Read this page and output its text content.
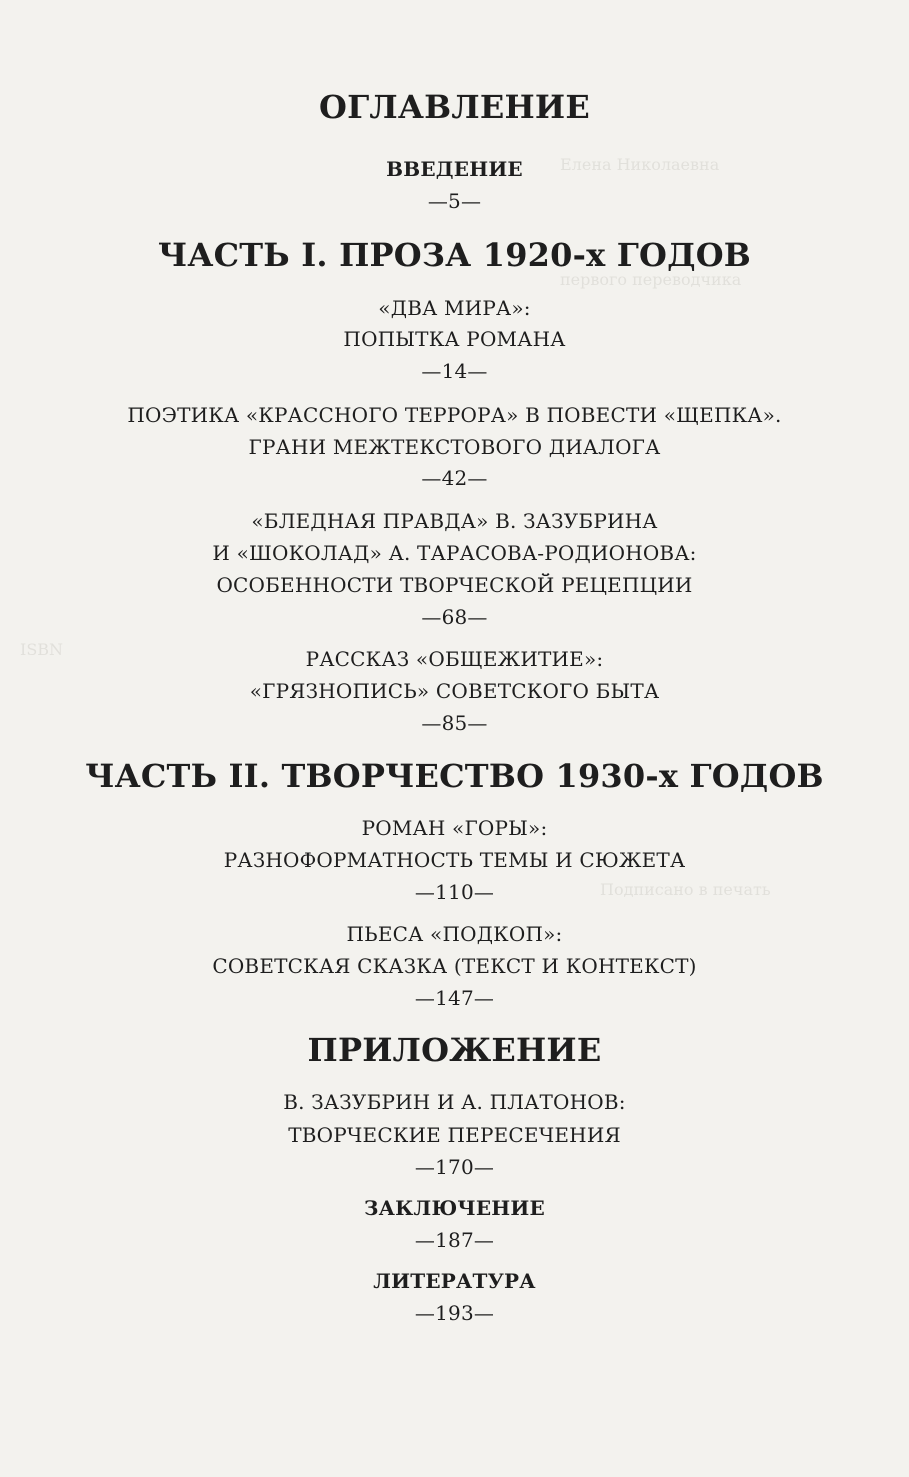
Елена Николаевна
первого переводчика
ISBN
Подписано в печать
ОГЛАВЛЕНИЕ
ВВЕДЕНИЕ
—5—
ЧАСТЬ I. ПРОЗА 1920-х ГОДОВ
«ДВА МИРА»:
ПОПЫТКА РОМАНА
—14—
ПОЭТИКА «КРАССНОГО ТЕРРОРА» В ПОВЕСТИ «ЩЕПКА».
ГРАНИ МЕЖТЕКСТОВОГО ДИАЛОГА
—42—
«БЛЕДНАЯ ПРАВДА» В. ЗАЗУБРИНА
И «ШОКОЛАД» А. ТАРАСОВА-РОДИОНОВА:
ОСОБЕННОСТИ ТВОРЧЕСКОЙ РЕЦЕПЦИИ
—68—
РАССКАЗ «ОБЩЕЖИТИЕ»:
«ГРЯЗНОПИСЬ» СОВЕТСКОГО БЫТА
—85—
ЧАСТЬ II. ТВОРЧЕСТВО 1930-х ГОДОВ
РОМАН «ГОРЫ»:
РАЗНОФОРМАТНОСТЬ ТЕМЫ И СЮЖЕТА
—110—
ПЬЕСА «ПОДКОП»:
СОВЕТСКАЯ СКАЗКА (ТЕКСТ И КОНТЕКСТ)
—147—
ПРИЛОЖЕНИЕ
В. ЗАЗУБРИН И А. ПЛАТОНОВ:
ТВОРЧЕСКИЕ ПЕРЕСЕЧЕНИЯ
—170—
ЗАКЛЮЧЕНИЕ
—187—
ЛИТЕРАТУРА
—193—
